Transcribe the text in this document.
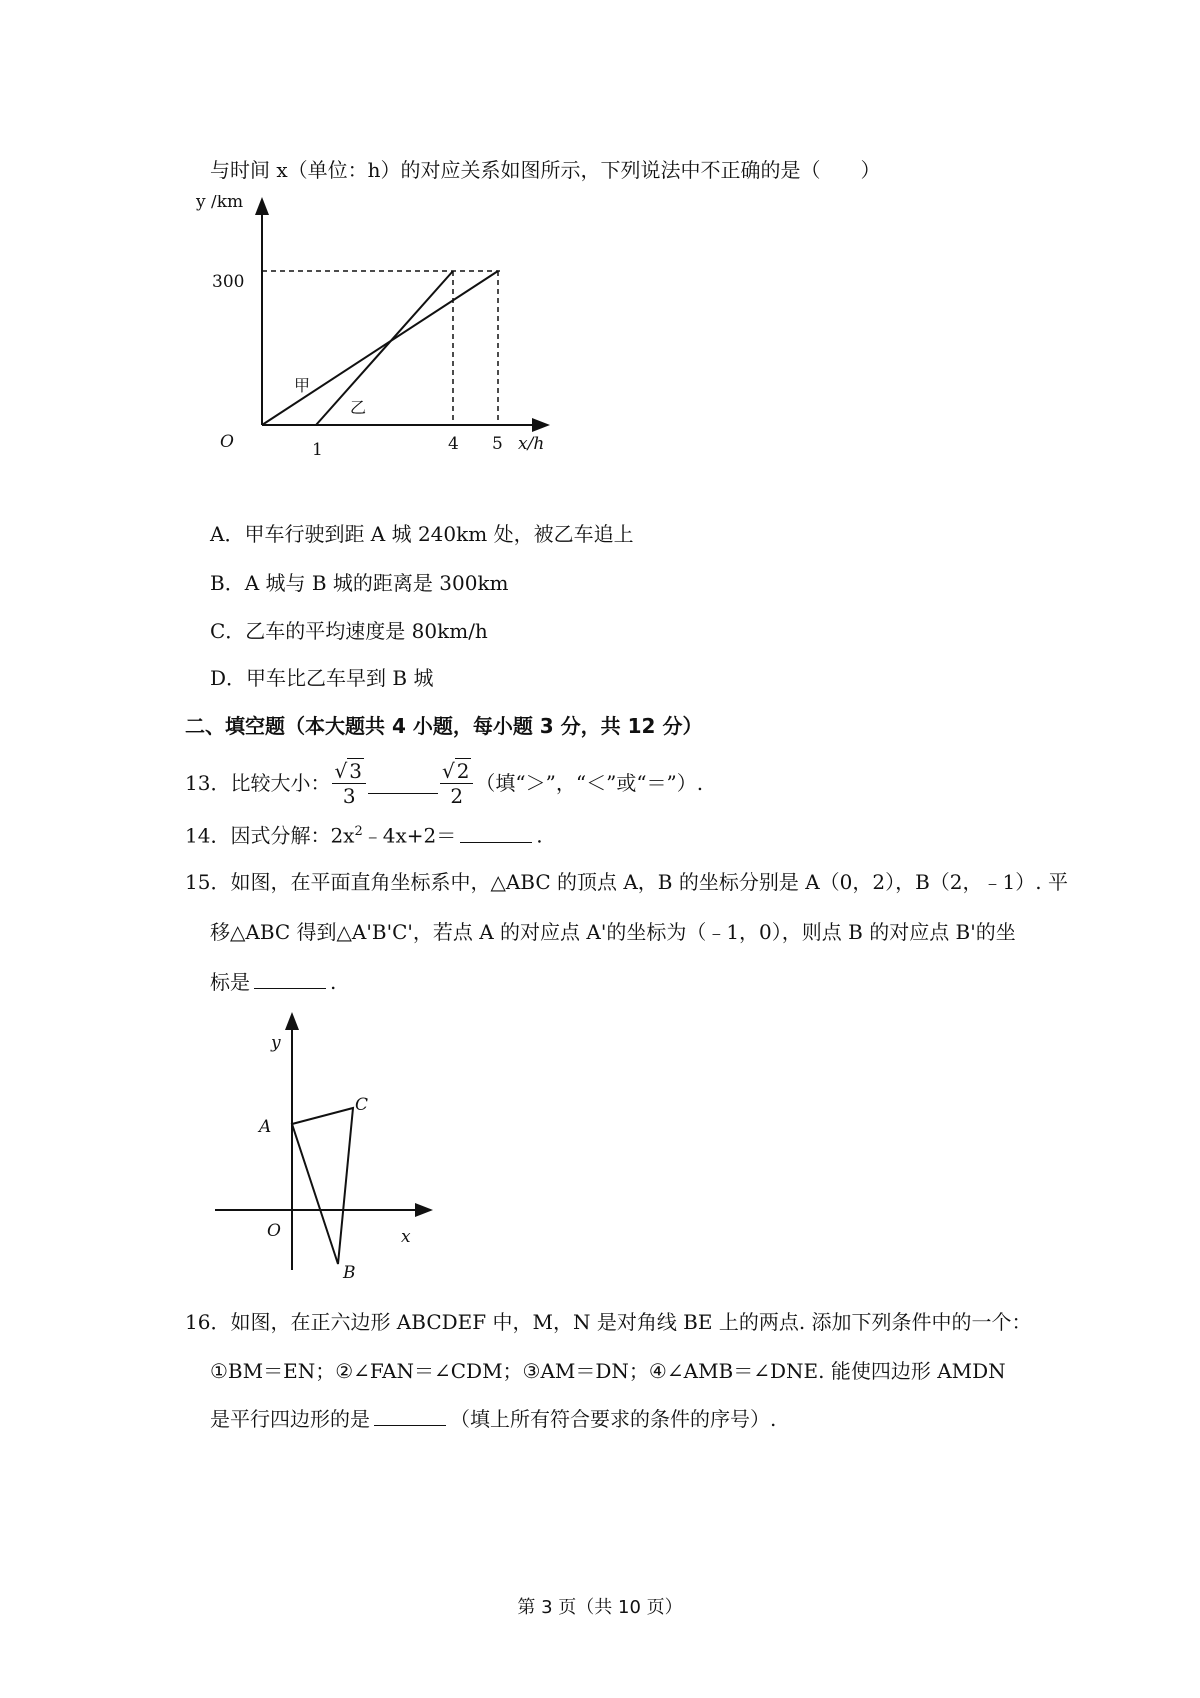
与时间 x（单位：h）的对应关系如图所示，下列说法中不正确的是（　　）
y /km
300
O	1	4 5 x/h
甲
乙
A．甲车行驶到距 A 城 240km 处，被乙车追上
B．A 城与 B 城的距离是 300km
C．乙车的平均速度是 80km/h
D．甲车比乙车早到 B 城
二、填空题（本大题共 4 小题，每小题 3 分，共 12 分）
13． 比较大小： $\frac{√ 3}{3}$	$\frac{√ 2}{2}$ （填“＞”，“＜”或“＝”）.
14．因式分解：$2x^2﹣4x+2=$	.
15．如图，在平面直角坐标系中，△ABC 的顶点 A，B 的坐标分别是 A（0，2），B（2，﹣1）. 平
移△ABC 得到△A'B'C'，若点 A 的对应点 A'的坐标为（﹣1，0），则点 B 的对应点 B'的坐
标是	.
y
x
O
A
B
C
16．如图，在正六边形 ABCDEF 中，M，N 是对角线 BE 上的两点. 添加下列条件中的一个：
①BM＝EN；②∠FAN＝∠CDM；③AM＝DN；④∠AMB＝∠DNE. 能使四边形 AMDN
是平行四边形的是	（填上所有符合要求的条件的序号）.
第 3 页（共 10 页）
